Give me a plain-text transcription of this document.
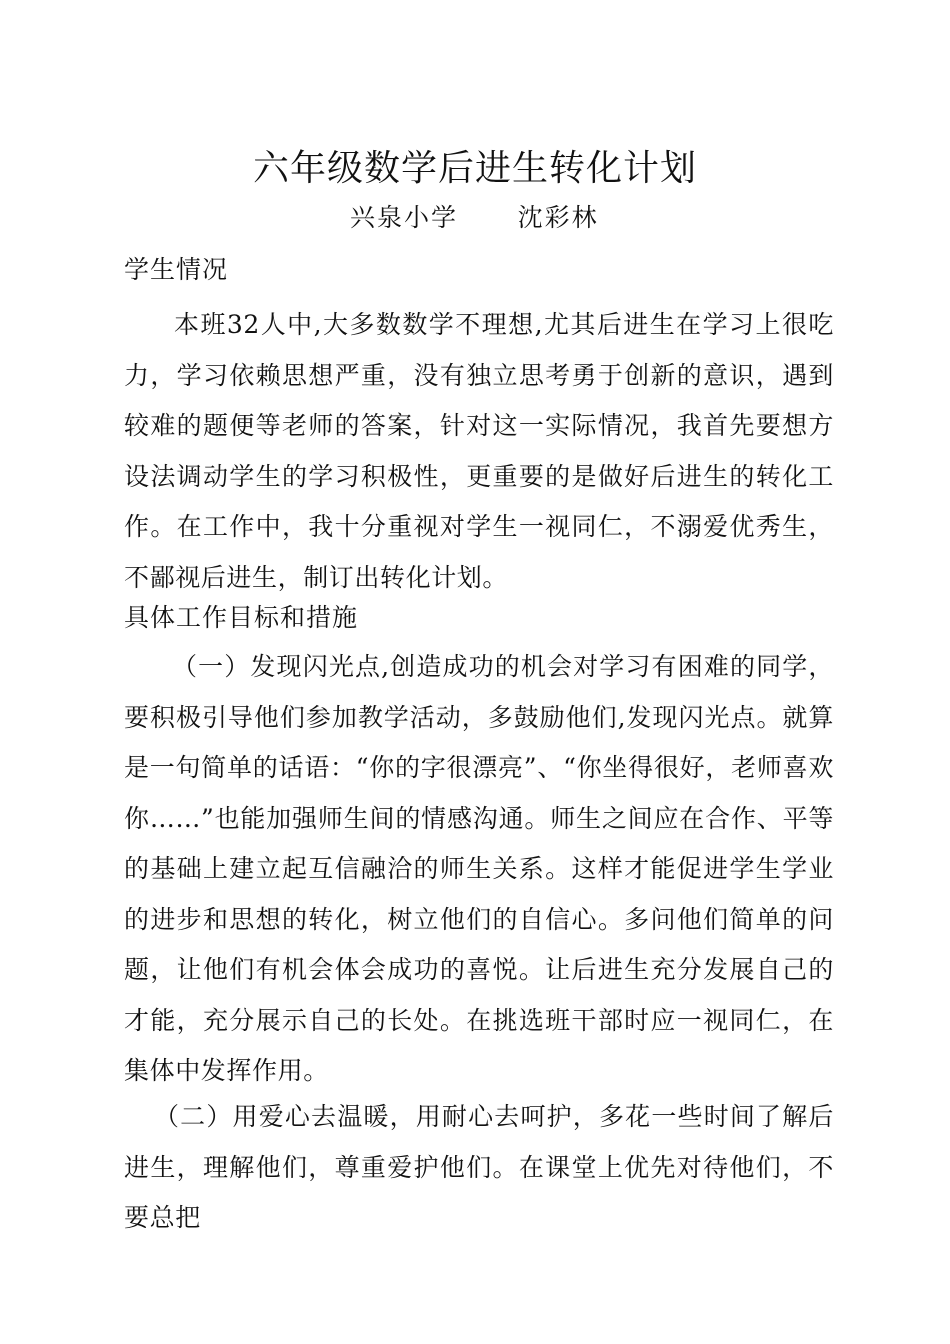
六年级数学后进生转化计划
兴泉小学      沈彩林
学生情况
本班32人中,大多数数学不理想,尤其后进生在学习上很吃力，学习依赖思想严重，没有独立思考勇于创新的意识，遇到较难的题便等老师的答案，针对这一实际情况，我首先要想方设法调动学生的学习积极性，更重要的是做好后进生的转化工作。在工作中，我十分重视对学生一视同仁，不溺爱优秀生，不鄙视后进生，制订出转化计划。
具体工作目标和措施
（一）发现闪光点,创造成功的机会对学习有困难的同学，要积极引导他们参加教学活动，多鼓励他们,发现闪光点。就算是一句简单的话语：“你的字很漂亮”、“你坐得很好，老师喜欢你……”也能加强师生间的情感沟通。师生之间应在合作、平等的基础上建立起互信融洽的师生关系。这样才能促进学生学业的进步和思想的转化，树立他们的自信心。多问他们简单的问题，让他们有机会体会成功的喜悦。让后进生充分发展自己的才能，充分展示自己的长处。在挑选班干部时应一视同仁，在集体中发挥作用。
（二）用爱心去温暖，用耐心去呵护，多花一些时间了解后进生，理解他们，尊重爱护他们。在课堂上优先对待他们，不要总把
